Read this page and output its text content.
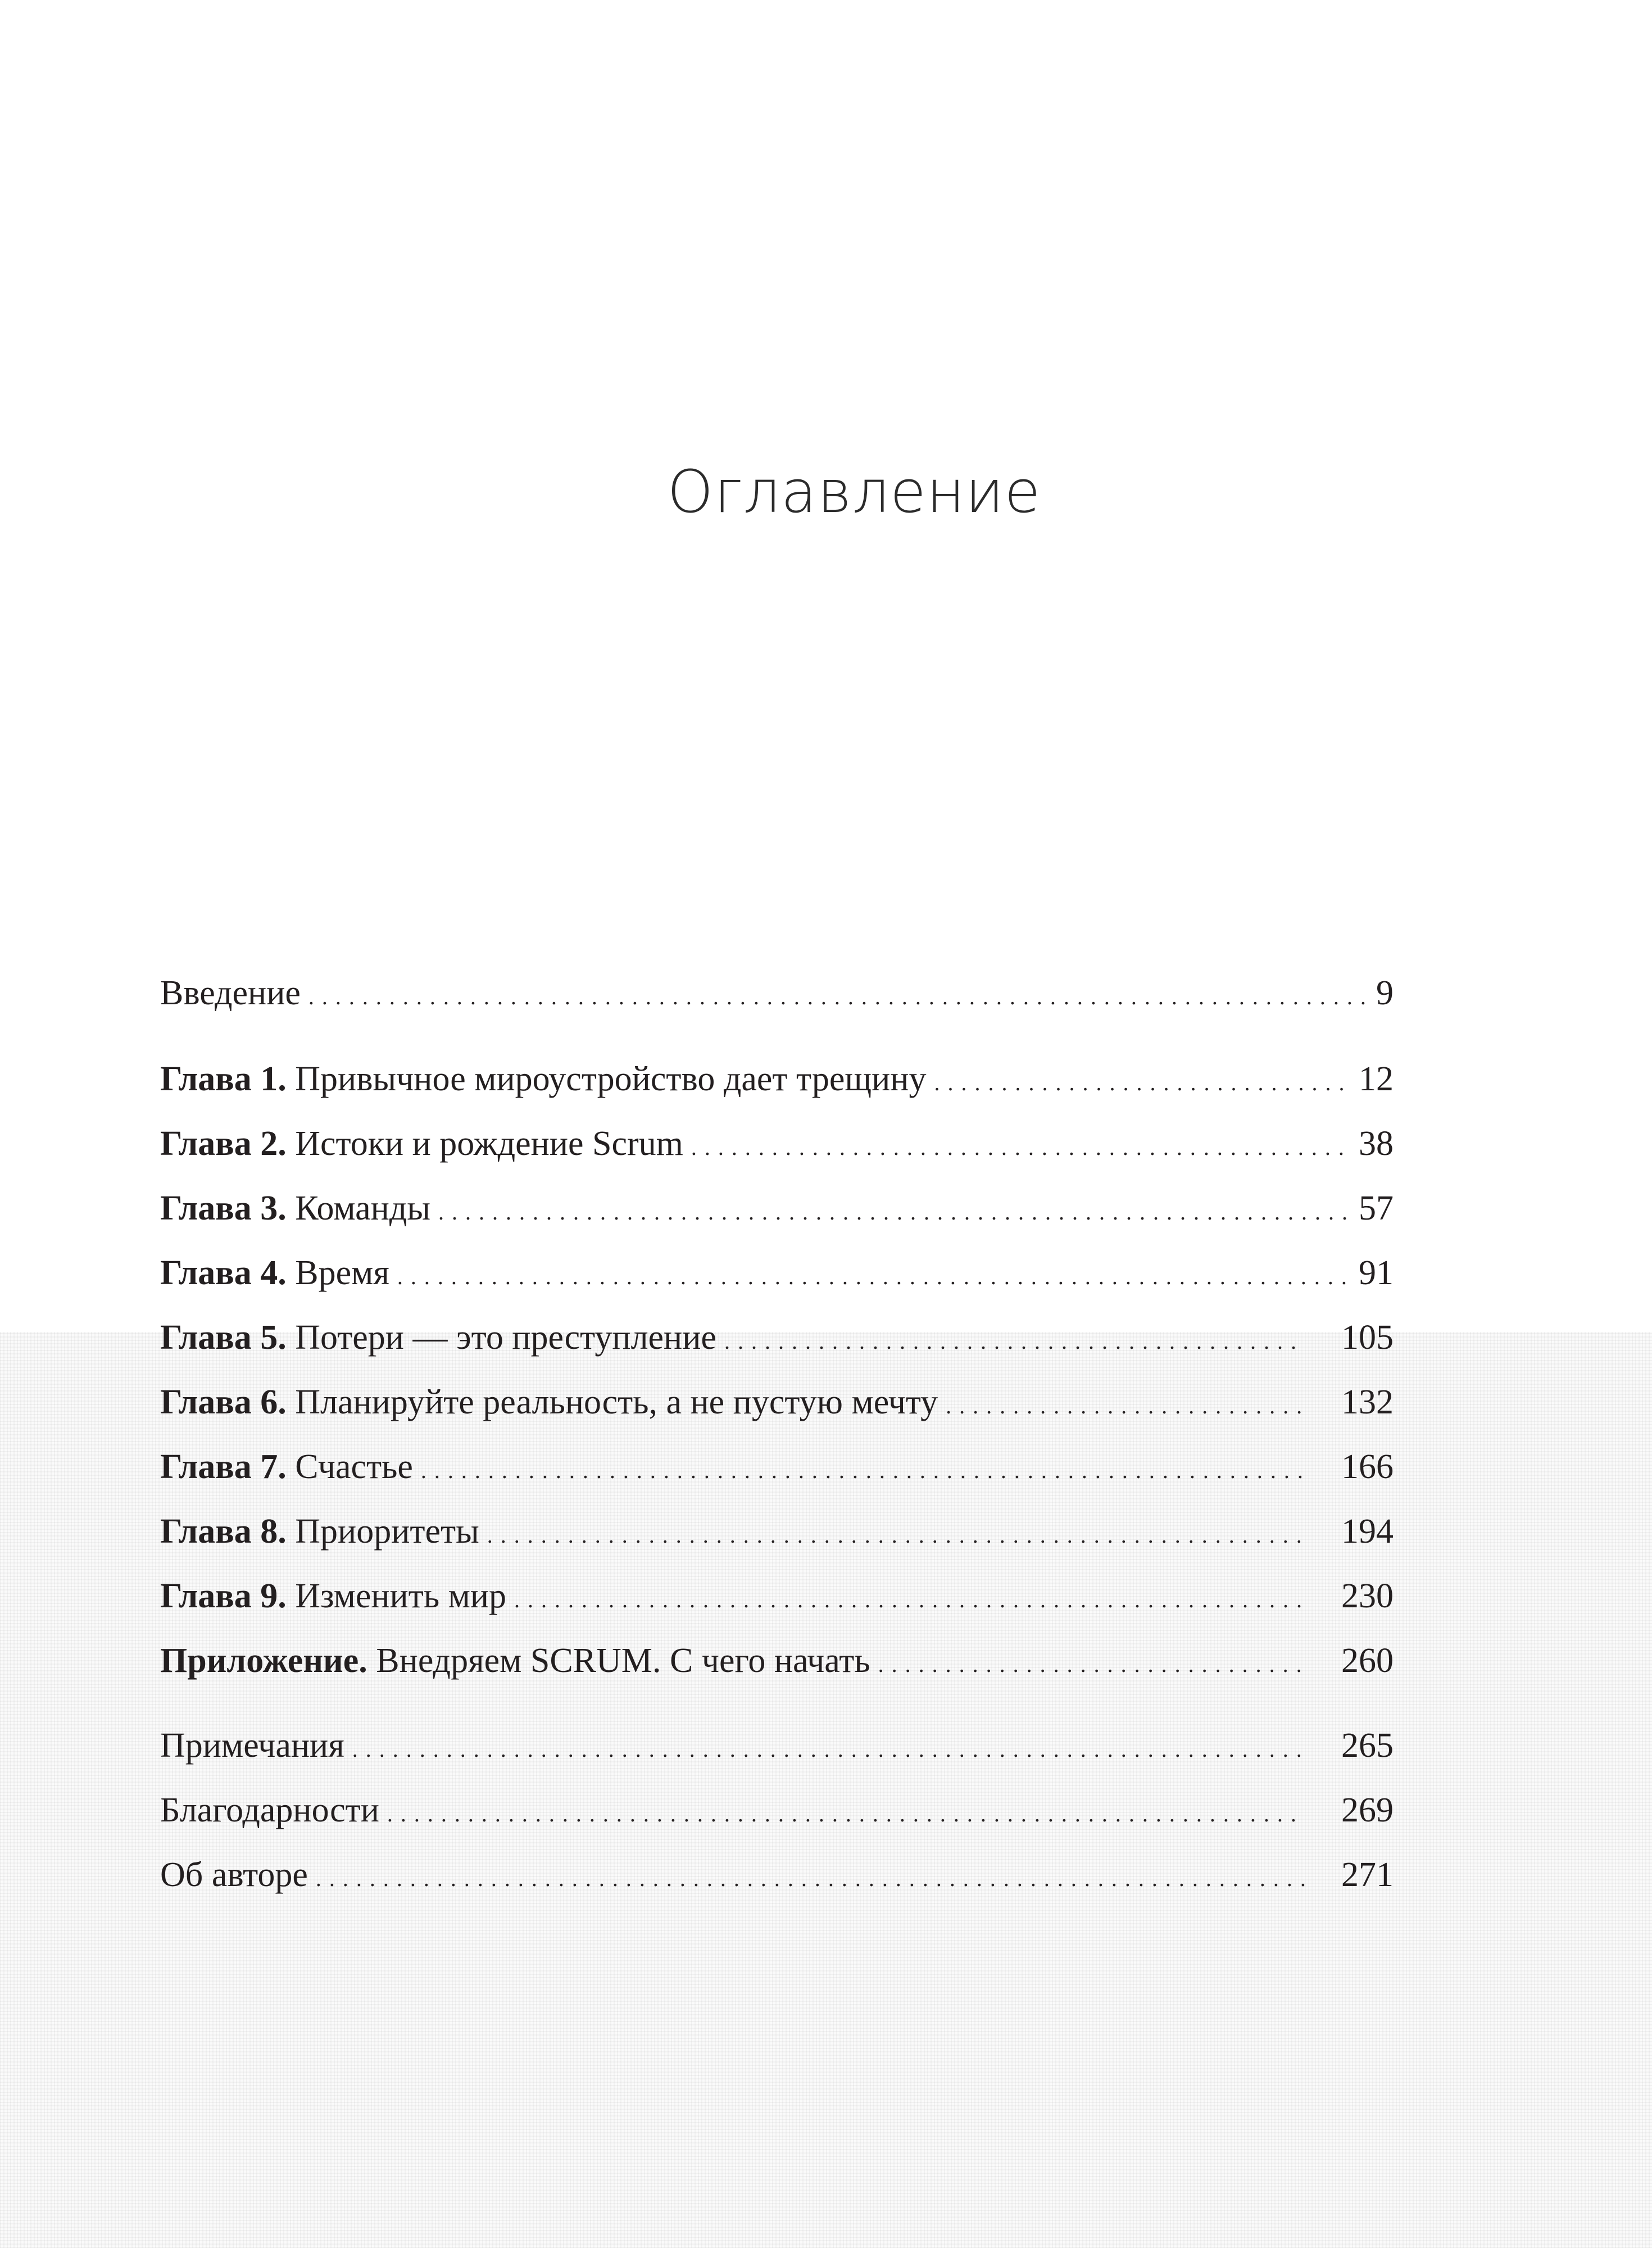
Оглавление
Введение . . .	9
Глава 1. Привычное мироустройство дает трещину . . .	12
Глава 2. Истоки и рождение Scrum . . .	38
Глава 3. Команды . . .	57
Глава 4. Время . . .	91
Глава 5. Потери — это преступление . . .	105
Глава 6. Планируйте реальность, а не пустую мечту . . .	132
Глава 7. Счастье . . .	166
Глава 8. Приоритеты . . .	194
Глава 9. Изменить мир . . .	230
Приложение. Внедряем SCRUM. С чего начать . . .	260
Примечания . . .	265
Благодарности . . .	269
Об авторе . . .	271
